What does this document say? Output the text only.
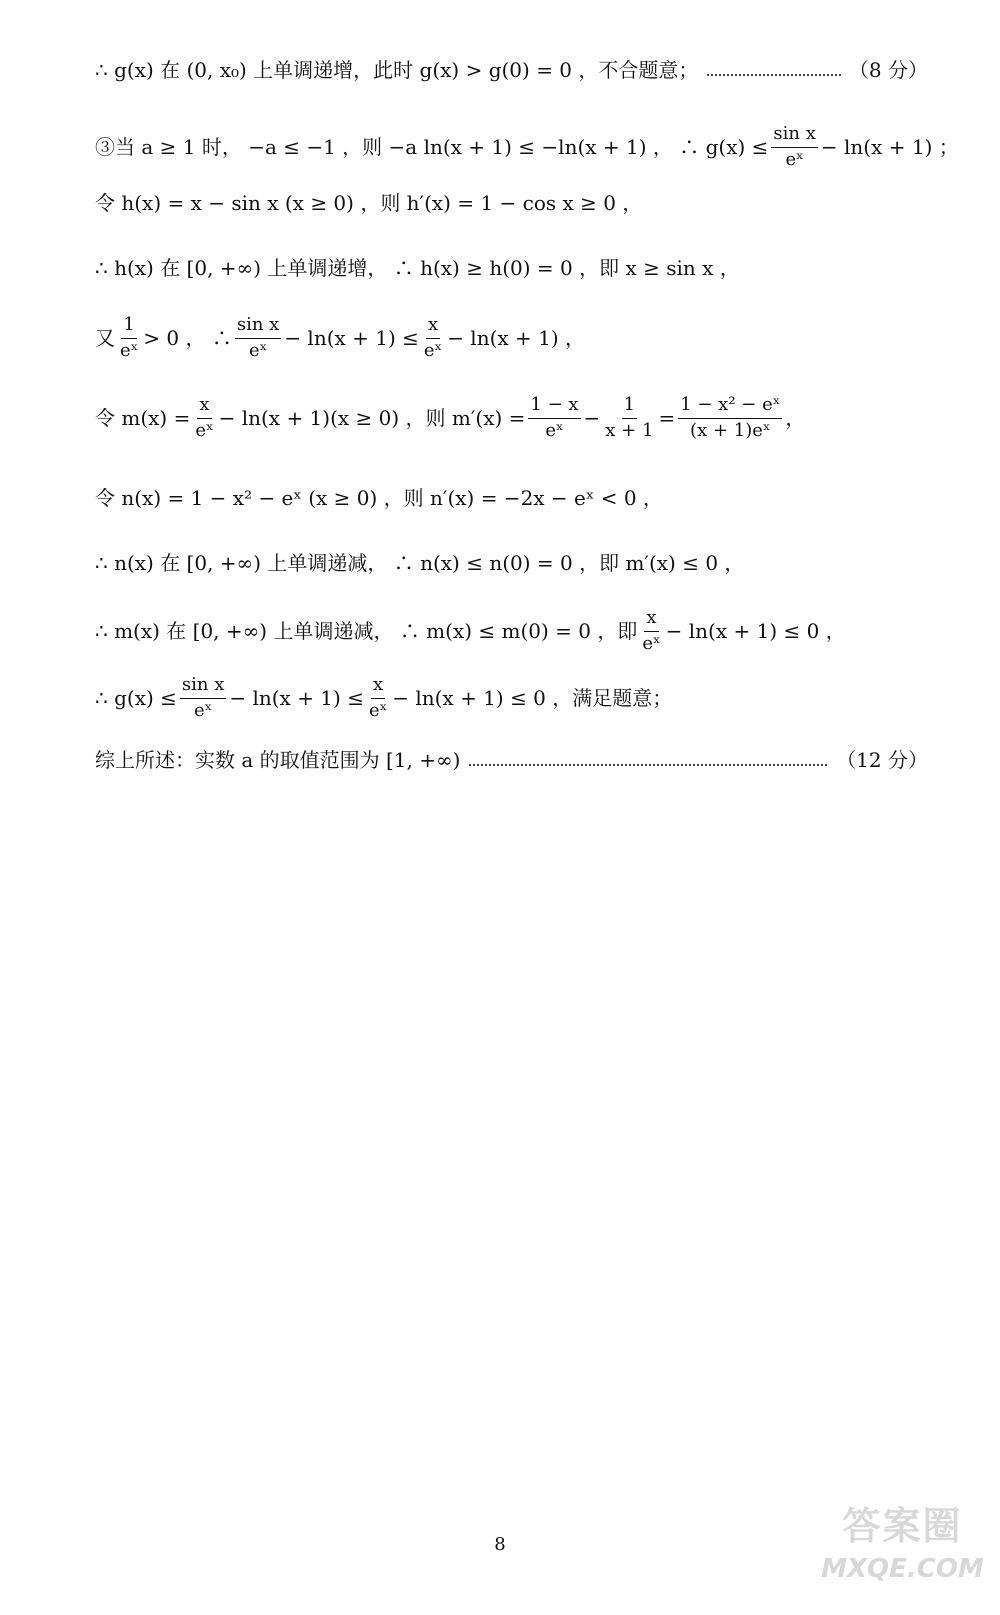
∴ g(x) 在 (0, x₀) 上单调递增，此时 g(x) > g(0) = 0 ，不合题意；	（8 分）
③当 a ≥ 1 时， −a ≤ −1 ，则 −a ln(x + 1) ≤ −ln(x + 1) ， ∴ $g(x) \le \frac{\text{sin x}}{\text{eˣ}} - \ln(x + 1)$ ；
令 h(x) = x − sin x (x ≥ 0) ，则 h′(x) = 1 − cos x ≥ 0 ，
∴ h(x) 在 [0, +∞) 上单调递增， ∴ h(x) ≥ h(0) = 0 ，即 x ≥ sin x ，
又 $\frac{1}{\text{eˣ}} > 0$ ， ∴ $\frac{\text{sin x}}{\text{eˣ}} - \ln(x + 1) \le \frac{x}{\text{eˣ}} - \ln(x + 1)$ ，
令 $m(x) = \frac{x}{\text{eˣ}} - \ln(x + 1)(x \ge 0)$ ，则 $m'(x) = \frac{1 - x}{\text{eˣ}} - \frac{1}{x + 1} = \frac{\text{1 − x² − eˣ}}{\text{(x + 1)eˣ}}$ ，
令 n(x) = 1 − x² − eˣ (x ≥ 0) ，则 n′(x) = −2x − eˣ < 0 ，
∴ n(x) 在 [0, +∞) 上单调递减， ∴ n(x) ≤ n(0) = 0 ，即 m′(x) ≤ 0 ，
∴ m(x) 在 [0, +∞) 上单调递减， ∴ m(x) ≤ m(0) = 0 ，即 $\frac{x}{\text{eˣ}} - \ln(x + 1) \le 0$ ，
∴ $g(x) \le \frac{\text{sin x}}{\text{eˣ}} - \ln(x + 1) \le \frac{x}{\text{eˣ}} - \ln(x + 1) \le 0$ ，满足题意；
综上所述：实数 a 的取值范围为 [1, +∞)	（12 分）
8	答案圈
MXQE.COM
